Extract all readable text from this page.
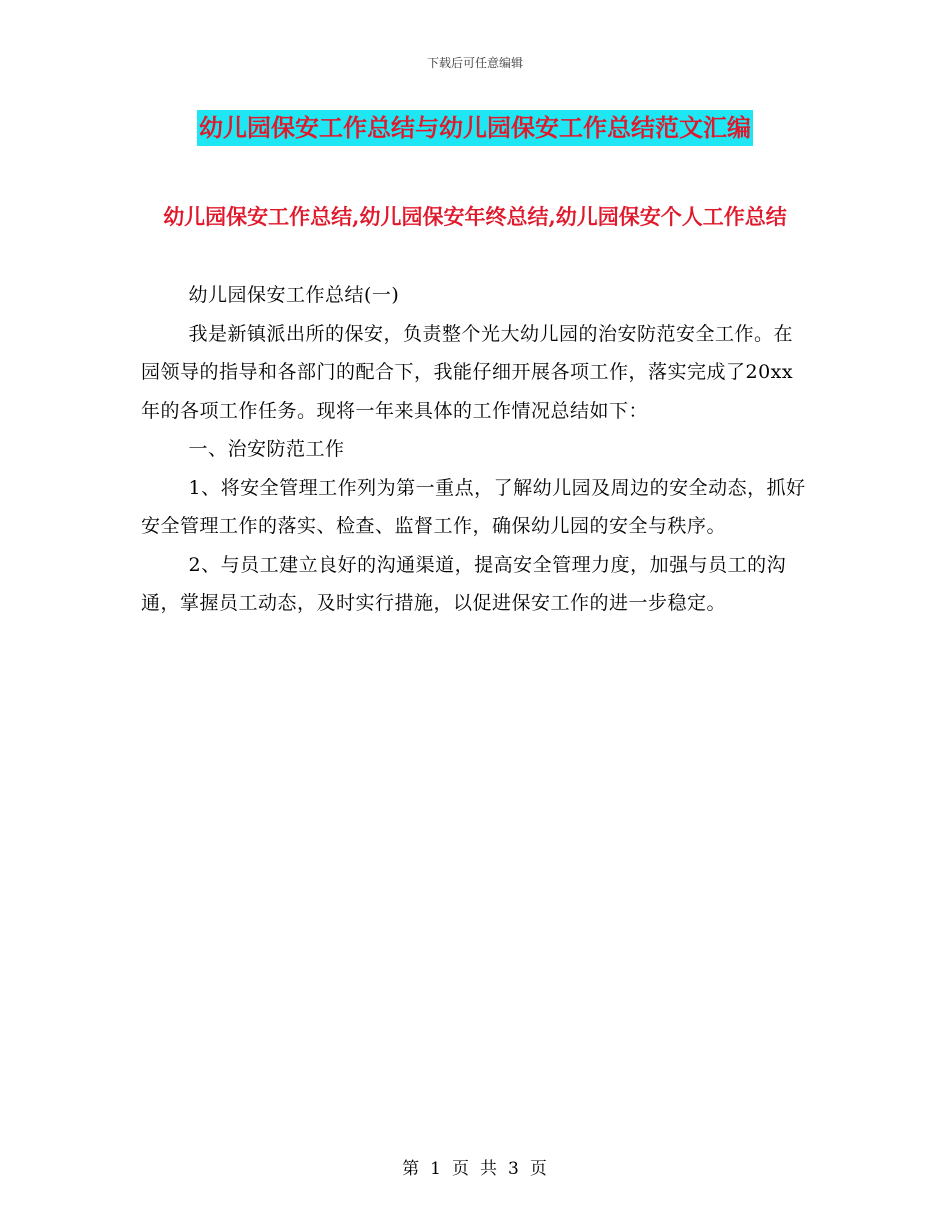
下载后可任意编辑
幼儿园保安工作总结与幼儿园保安工作总结范文汇编
幼儿园保安工作总结,幼儿园保安年终总结,幼儿园保安个人工作总结

幼儿园保安工作总结(一)

我是新镇派出所的保安，负责整个光大幼儿园的治安防范安全工作。在园领导的指导和各部门的配合下，我能仔细开展各项工作，落实完成了20xx年的各项工作任务。现将一年来具体的工作情况总结如下：

一、治安防范工作

1、将安全管理工作列为第一重点，了解幼儿园及周边的安全动态，抓好安全管理工作的落实、检查、监督工作，确保幼儿园的安全与秩序。

2、与员工建立良好的沟通渠道，提高安全管理力度，加强与员工的沟通，掌握员工动态，及时实行措施，以促进保安工作的进一步稳定。

第 1 页 共 3 页
